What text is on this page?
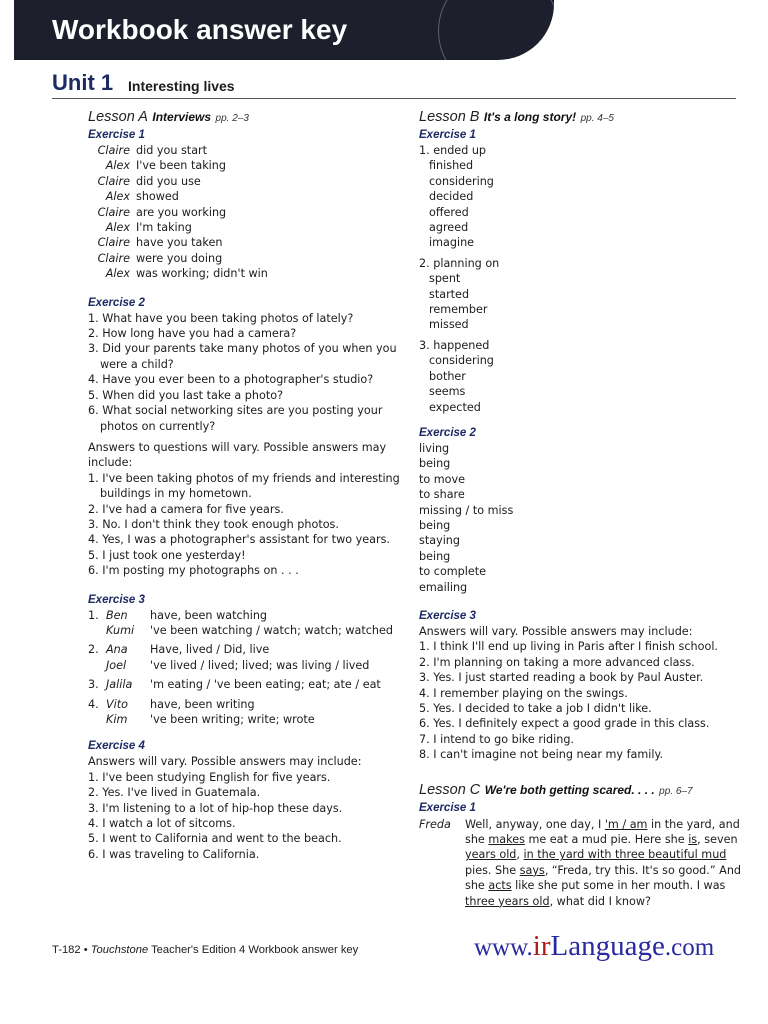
Workbook answer key
Unit 1 Interesting lives
Lesson A Interviews pp. 2–3
Exercise 1
Claire did you start
Alex I've been taking
Claire did you use
Alex showed
Claire are you working
Alex I'm taking
Claire have you taken
Claire were you doing
Alex was working; didn't win
Exercise 2
1. What have you been taking photos of lately?
2. How long have you had a camera?
3. Did your parents take many photos of you when you were a child?
4. Have you ever been to a photographer's studio?
5. When did you last take a photo?
6. What social networking sites are you posting your photos on currently?
Answers to questions will vary. Possible answers may include:
1. I've been taking photos of my friends and interesting buildings in my hometown.
2. I've had a camera for five years.
3. No. I don't think they took enough photos.
4. Yes, I was a photographer's assistant for two years.
5. I just took one yesterday!
6. I'm posting my photographs on . . .
Exercise 3
1. Ben	have, been watching
Kumi	've been watching / watch; watch; watched
2. Ana	Have, lived / Did, live
Joel	've lived / lived; lived; was living / lived
3. Jalila	'm eating / 've been eating; eat; ate / eat
4. Vito	have, been writing
Kim	've been writing; write; wrote
Exercise 4
Answers will vary. Possible answers may include:
1. I've been studying English for five years.
2. Yes. I've lived in Guatemala.
3. I'm listening to a lot of hip-hop these days.
4. I watch a lot of sitcoms.
5. I went to California and went to the beach.
6. I was traveling to California.
Lesson B It's a long story! pp. 4–5
Exercise 1
1. ended up
finished
considering
decided
offered
agreed
imagine
2. planning on
spent
started
remember
missed
3. happened
considering
bother
seems
expected
Exercise 2
living
being
to move
to share
missing / to miss
being
staying
being
to complete
emailing
Exercise 3
Answers will vary. Possible answers may include:
1. I think I'll end up living in Paris after I finish school.
2. I'm planning on taking a more advanced class.
3. Yes. I just started reading a book by Paul Auster.
4. I remember playing on the swings.
5. Yes. I decided to take a job I didn't like.
6. Yes. I definitely expect a good grade in this class.
7. I intend to go bike riding.
8. I can't imagine not being near my family.
Lesson C We're both getting scared. . . . pp. 6–7
Exercise 1
Freda	Well, anyway, one day, I 'm / am in the yard, and she makes me eat a mud pie. Here she is, seven years old, in the yard with three beautiful mud pies. She says, “Freda, try this. It's so good.” And she acts like she put some in her mouth. I was three years old, what did I know?
T-182 • Touchstone Teacher's Edition 4 Workbook answer key	www.irLanguage.com
